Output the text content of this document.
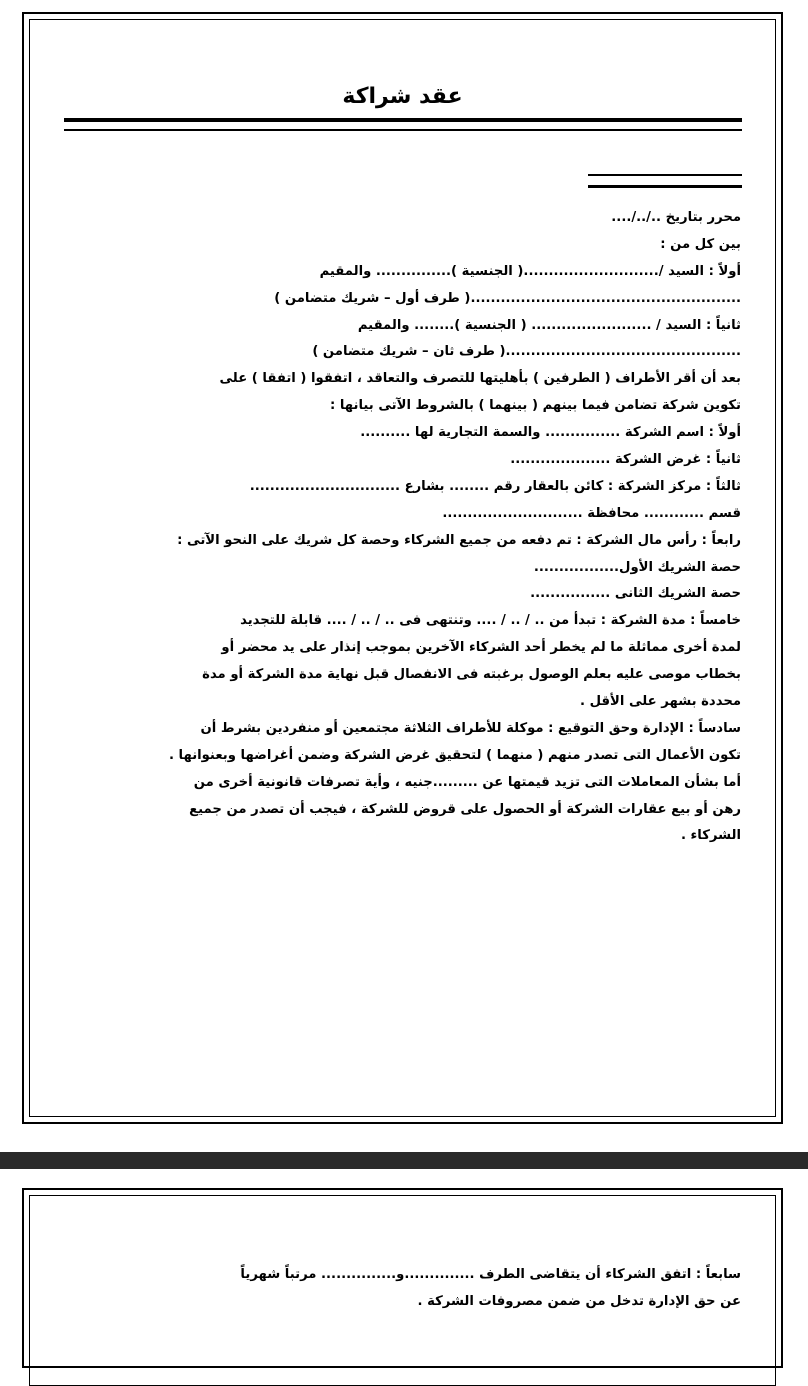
عقد شراكة
محرر بتاريخ ../../....
بين كل من :
أولاً : السيد /...........................( الجنسية )............... والمقيم
......................................................( طرف أول – شريك متضامن )
ثانياً : السيد / ........................ ( الجنسية )........ والمقيم
...............................................( طرف ثان – شريك متضامن )
بعد أن أقر الأطراف ( الطرفين ) بأهليتها للتصرف والتعاقد ، اتفقوا ( اتفقا ) على
تكوين شركة تضامن فيما بينهم ( بينهما ) بالشروط الآتى بيانها :
أولاً : اسم الشركة ............... والسمة التجارية لها ..........
ثانياً : غرض الشركة ....................
ثالثاً : مركز الشركة : كائن بالعقار رقم ........ بشارع ..............................
قسم ............ محافظة ............................
رابعاً : رأس مال الشركة : تم دفعه من جميع الشركاء وحصة كل شريك على النحو الآتى :
حصة الشريك الأول.................
حصة الشريك الثانى ................
خامساً : مدة الشركة : تبدأ من .. / .. / .... وتنتهى فى .. / .. / .... قابلة للتجديد
لمدة أخرى مماثلة ما لم يخطر أحد الشركاء الآخرين بموجب إنذار على يد محضر أو
بخطاب موصى عليه بعلم الوصول برغبته فى الانفصال قبل نهاية مدة الشركة أو مدة
محددة بشهر على الأقل .
سادساً : الإدارة وحق التوقيع : موكلة للأطراف الثلاثة مجتمعين أو منفردين بشرط أن
تكون الأعمال التى تصدر منهم ( منهما ) لتحقيق غرض الشركة وضمن أغراضها وبعنوانها .
أما بشأن المعاملات التى تزيد قيمتها عن .........جنيه ، وأية تصرفات قانونية أخرى من
رهن أو بيع عقارات الشركة أو الحصول على قروض للشركة ، فيجب أن تصدر من جميع
الشركاء .
سابعاً : اتفق الشركاء أن يتقاضى الطرف ..............و............... مرتباً شهرياً
عن حق الإدارة تدخل من ضمن مصروفات الشركة .
